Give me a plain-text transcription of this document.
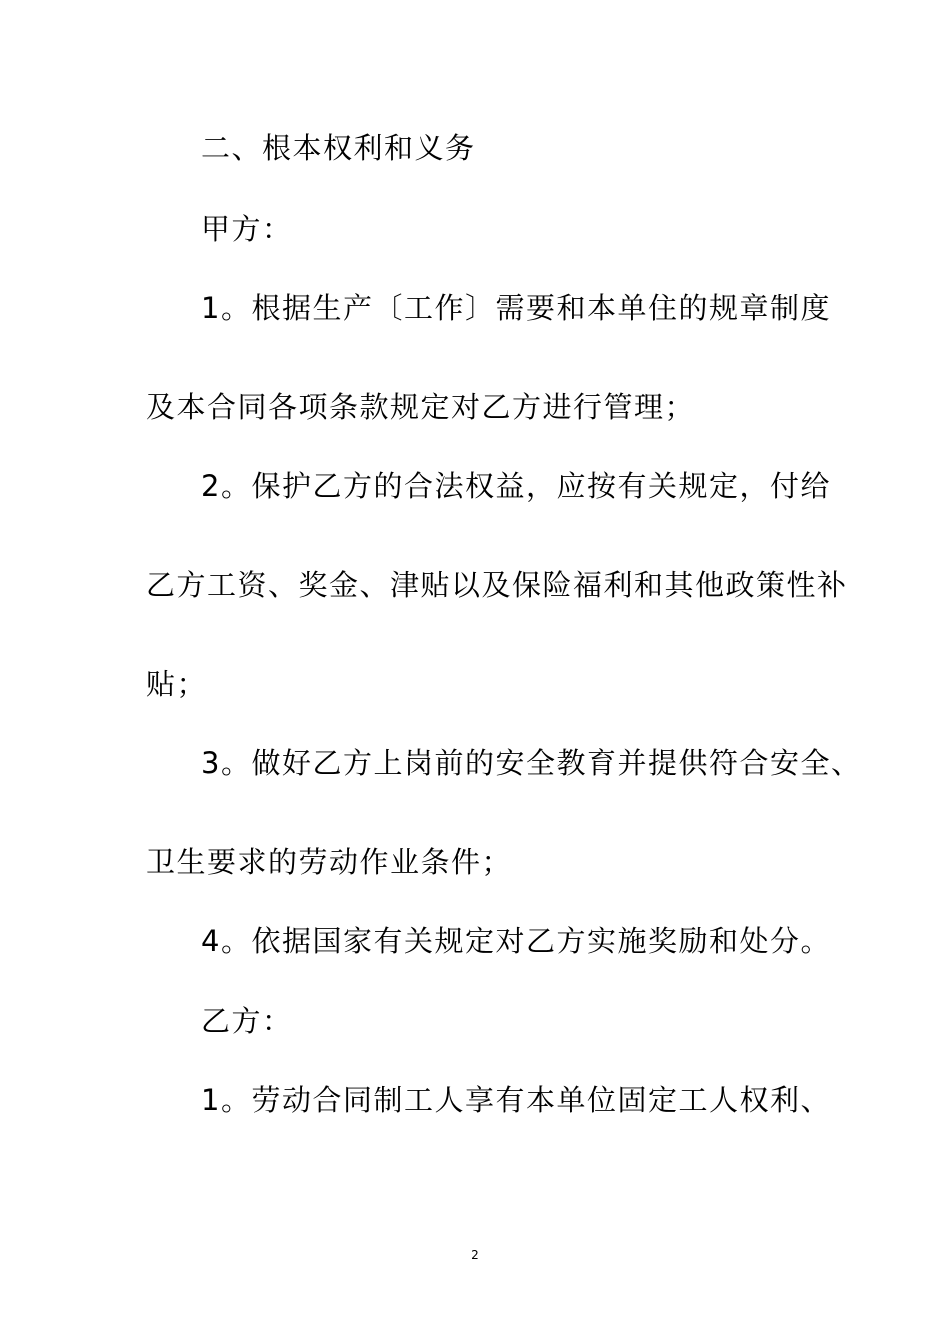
二、根本权利和义务
甲方：
1。根据生产〔工作〕需要和本单住的规章制度
及本合同各项条款规定对乙方进行管理；
2。保护乙方的合法权益，应按有关规定，付给
乙方工资、奖金、津贴以及保险福利和其他政策性补
贴；
3。做好乙方上岗前的安全教育并提供符合安全、
卫生要求的劳动作业条件；
4。依据国家有关规定对乙方实施奖励和处分。
乙方：
1。劳动合同制工人享有本单位固定工人权利、
2
